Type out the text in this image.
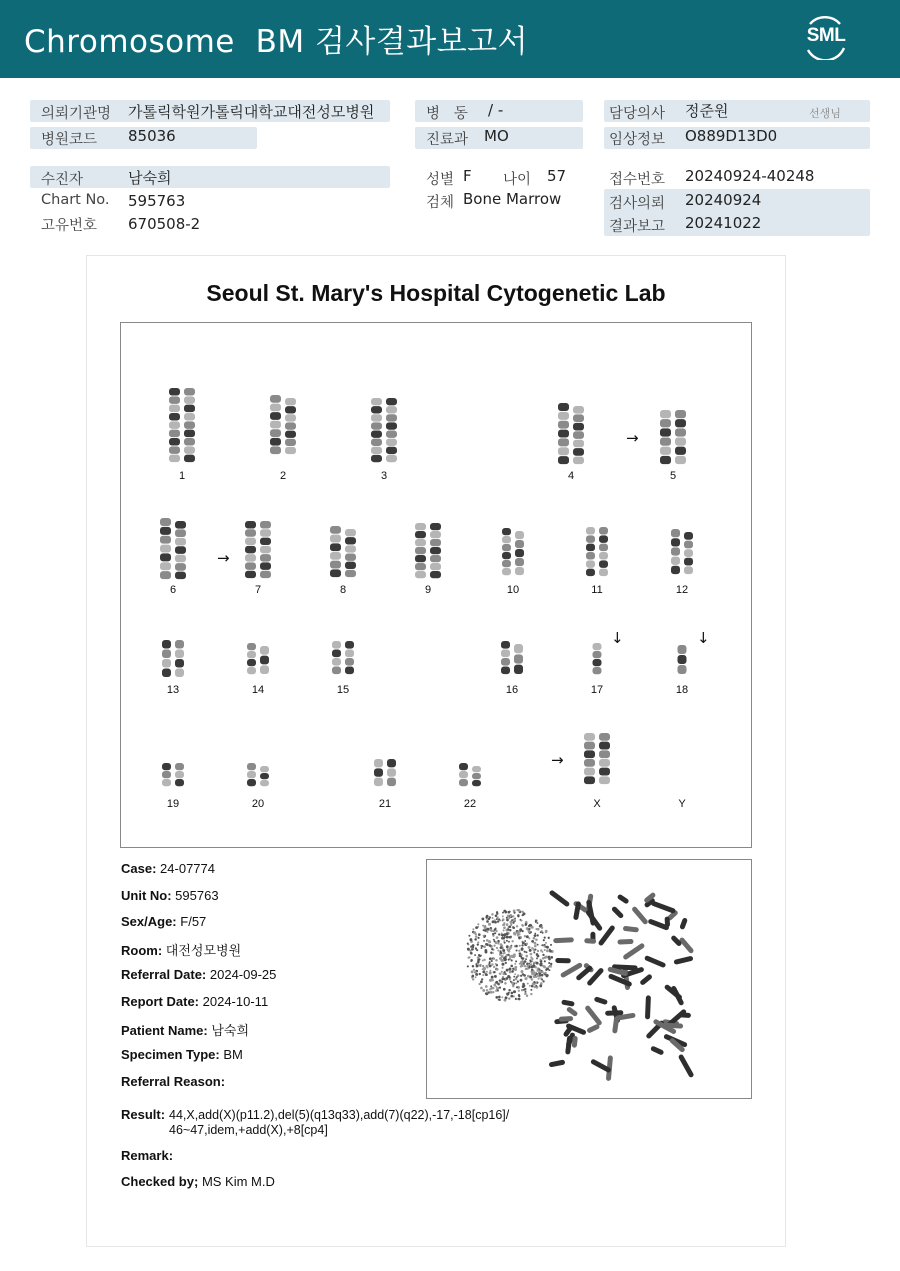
Chromosome  BM 검사결과보고서	SML
의뢰기관명 가톨릭학원가톨릭대학교대전성모병원
병원코드 85036
병   동 / -
진료과 MO
담당의사 정준원	선생님
임상정보 O889D13D0
수진자	남숙희
Chart No. 595763
고유번호 670508-2
성별 F 나이 57
검체 Bone Marrow
접수번호 20240924-40248
검사의뢰 20240924
결과보고 20241022
Seoul St. Mary's Hospital Cytogenetic Lab
1	2	3	4	5
6	7	8	9	10	11	12
13	14	15	16	17	18
19	20	21	22	X	Y
→
→
↓	↓
→
Case: 24-07774
Unit No: 595763
Sex/Age: F/57
Room: 대전성모병원
Referral Date: 2024-09-25
Report Date: 2024-10-11
Patient Name: 남숙희
Specimen Type: BM
Referral Reason:
Result: 44,X,add(X)(p11.2),del(5)(q13q33),add(7)(q22),-17,-18[cp16]/
46~47,idem,+add(X),+8[cp4]
Remark:
Checked by; MS Kim M.D
